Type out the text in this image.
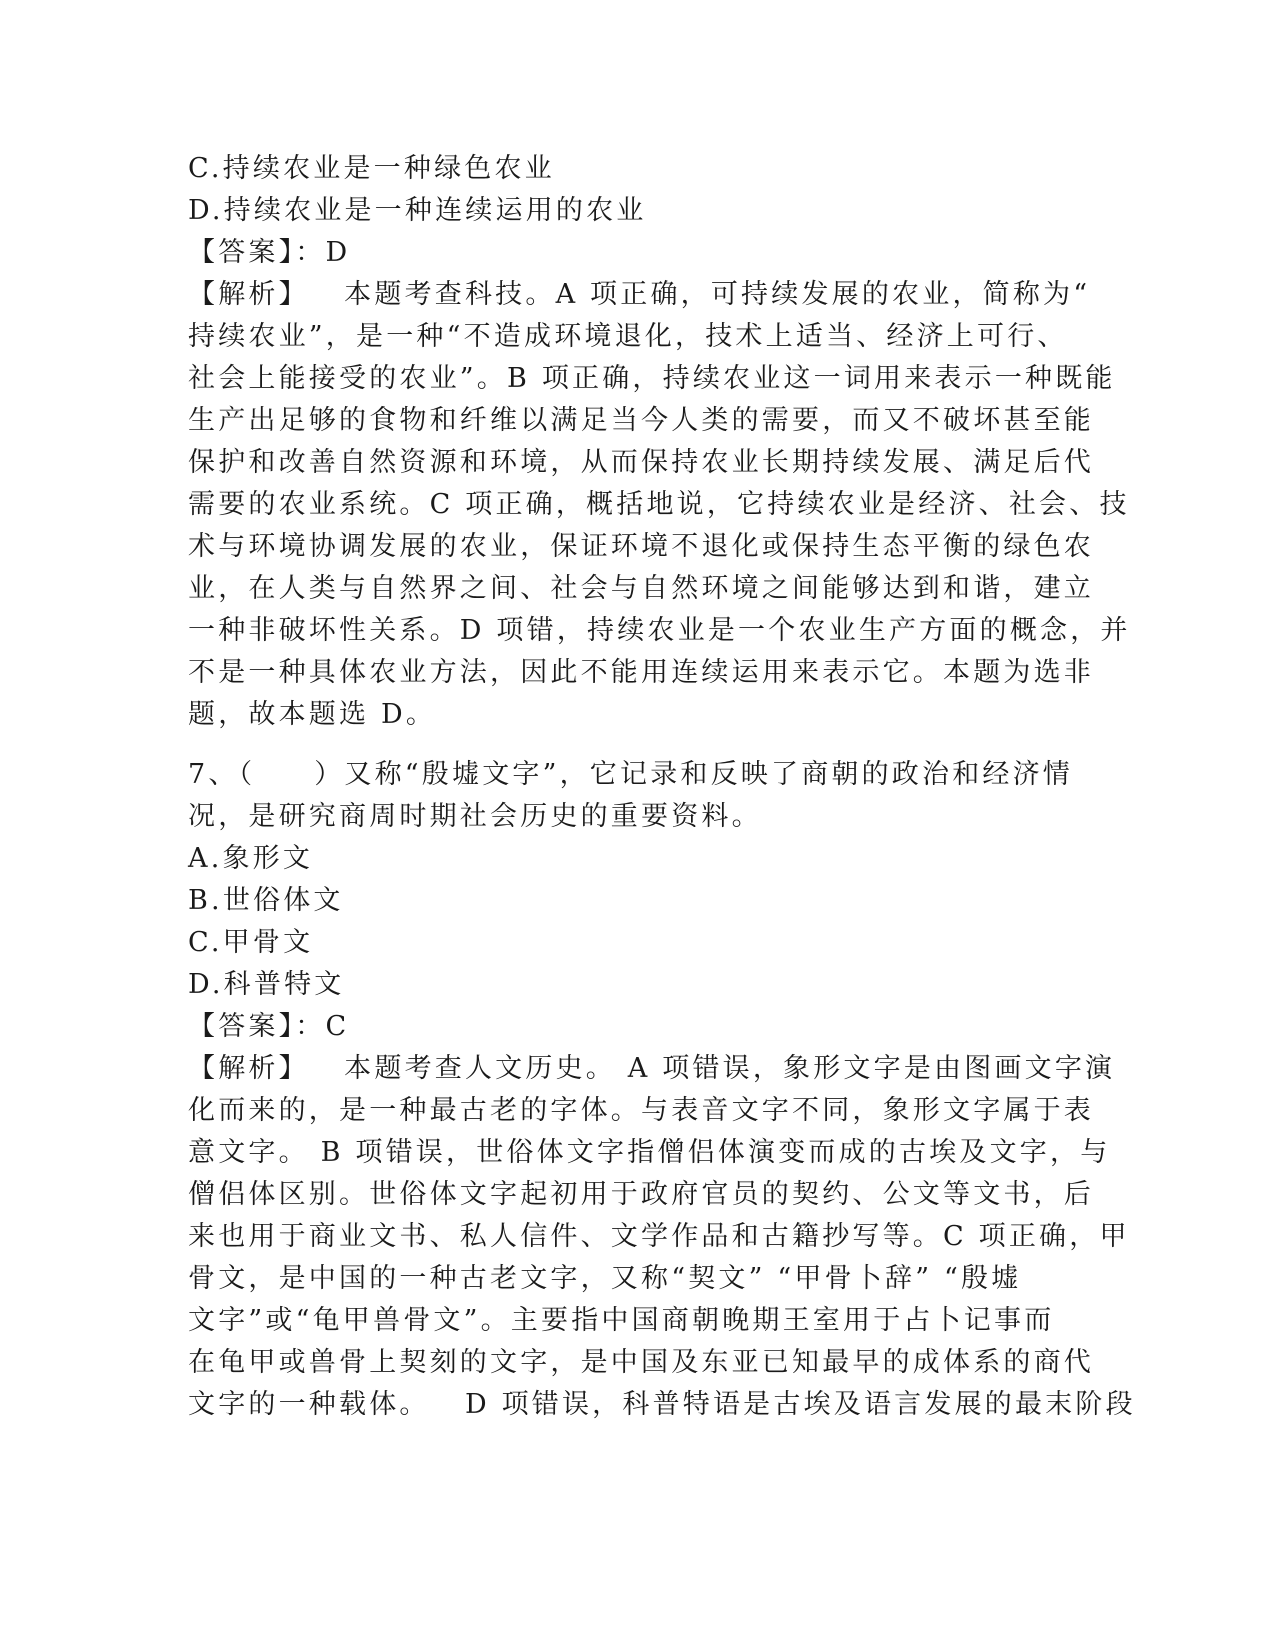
C.持续农业是一种绿色农业
D.持续农业是一种连续运用的农业
【答案】：D
【解析】 本题考查科技。A 项正确，可持续发展的农业，简称为“
持续农业”，是一种“不造成环境退化，技术上适当、经济上可行、
社会上能接受的农业”。B 项正确，持续农业这一词用来表示一种既能
生产出足够的食物和纤维以满足当今人类的需要，而又不破坏甚至能
保护和改善自然资源和环境，从而保持农业长期持续发展、满足后代
需要的农业系统。C 项正确，概括地说，它持续农业是经济、社会、技
术与环境协调发展的农业，保证环境不退化或保持生态平衡的绿色农
业，在人类与自然界之间、社会与自然环境之间能够达到和谐，建立
一种非破坏性关系。D 项错，持续农业是一个农业生产方面的概念，并
不是一种具体农业方法，因此不能用连续运用来表示它。本题为选非
题，故本题选 D。
7、（     ）又称“殷墟文字”，它记录和反映了商朝的政治和经济情
况，是研究商周时期社会历史的重要资料。
A.象形文
B.世俗体文
C.甲骨文
D.科普特文
【答案】：C
【解析】 本题考查人文历史。 A 项错误，象形文字是由图画文字演
化而来的，是一种最古老的字体。与表音文字不同，象形文字属于表
意文字。 B 项错误，世俗体文字指僧侣体演变而成的古埃及文字，与
僧侣体区别。世俗体文字起初用于政府官员的契约、公文等文书，后
来也用于商业文书、私人信件、文学作品和古籍抄写等。C 项正确，甲
骨文，是中国的一种古老文字，又称“契文” “甲骨卜辞” “殷墟
文字”或“龟甲兽骨文”。主要指中国商朝晚期王室用于占卜记事而
在龟甲或兽骨上契刻的文字，是中国及东亚已知最早的成体系的商代
文字的一种载体。   D 项错误，科普特语是古埃及语言发展的最末阶段
